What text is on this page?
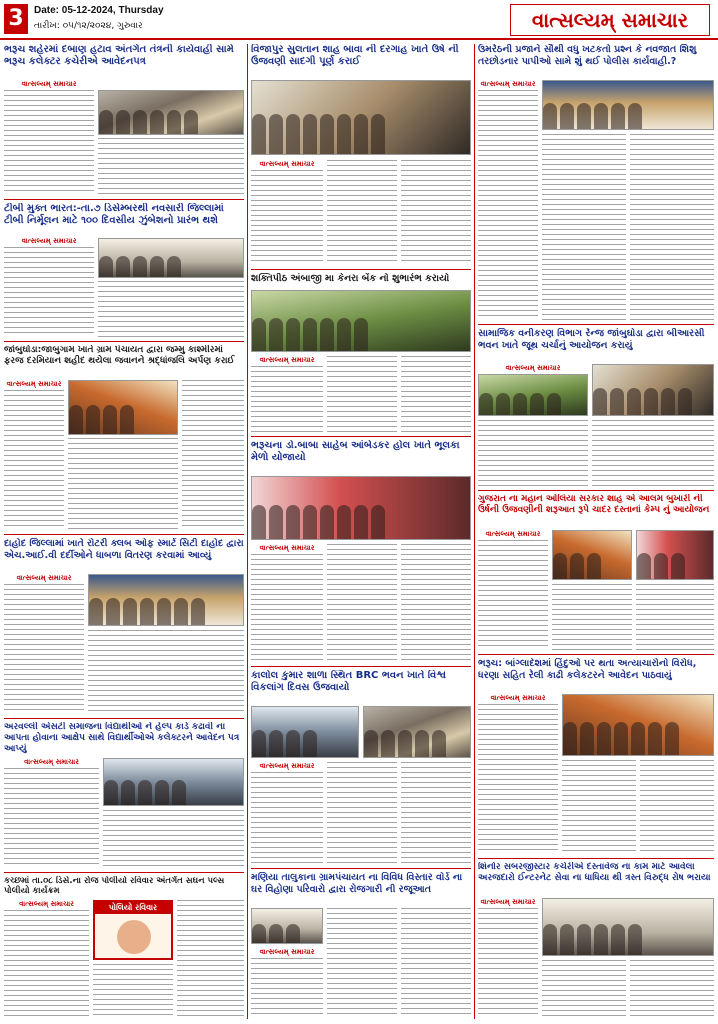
3	Date: 05-12-2024, Thursday
તારીખ: ૦૫/૧૨/૨૦૨૪, ગુરુવાર	વાત્સલ્યમ્ સમાચાર
ભરૂચ શહેરમાં દબાણ હટાવ અંતર્ગત તંત્રની કાર્યવાહી સામે ભરૂચ કલેક્ટર કચેરીએ આવેદનપત્ર
વાત્સલ્યમ્ સમાચાર
ટીબી મુક્ત ભારત:-તા.૭ ડિસેમ્બરથી નવસારી જિલ્લામાં ટીબી નિર્મૂલન માટે ૧૦૦ દિવસીય ઝુંબેશનો પ્રારંભ થશે
વાત્સલ્યમ્ સમાચાર
જાંબુઘોડા:જાબુગામ ખાતે ગ્રામ પંચાયત દ્વારા જમ્મુ કાશ્મીરમાં ફરજ દરમિયાન શહીદ થયેલા જવાનને શ્રદ્ધાંજલિ અર્પણ કરાઈ
વાત્સલ્યમ્ સમાચાર
દાહોદ જિલ્લામાં ખાતે રોટરી ક્લબ ઓફ સ્માર્ટ સિટી દાહોદ દ્વારા એચ.આઈ.વી દર્દીઓને ધાબળા વિતરણ કરવામાં આવ્યું
વાત્સલ્યમ્ સમાચાર
અરવલ્લી એસટી સમાજના વિદ્યાર્થીઓ ને હેલ્પ કાર્ડ કઢાવી ના આપતા હોવાના આક્ષેપ સાથે વિદ્યાર્થીઓએ કલેક્ટરને આવેદન પત્ર આપ્યું
વાત્સલ્યમ્ સમાચાર
કચ્છમાં તા.૦૮ ડિસે.ના રોજ પોલીયો રવિવાર અંતર્ગત સઘન પલ્સ પોલીયો કાર્યક્રમ
વાત્સલ્યમ્ સમાચાર	પોલિયો રવિવાર
વિજાપુર સુલતાન શાહ બાવા ની દરગાહ ખાતે ઉર્ષ ની ઉજવણી સાદગી પૂર્ણ કરાઈ
વાત્સલ્યમ્ સમાચાર
શક્તિપીઠ અંબાજી મા કેનરા બેંક નો શુભારંભ કરાયો
વાત્સલ્યમ્ સમાચાર
ભરૂચના ડો.બાબા સાહેબ આંબેડકર હોલ ખાતે ભૂલકા મેળો યોજાયો
વાત્સલ્યમ્ સમાચાર
કાલોલ કુમાર શાળા સ્થિત BRC ભવન ખાતે વિશ્વ વિકલાંગ દિવસ ઉજવાયો
વાત્સલ્યમ્ સમાચાર
મણિયા તાલુકાના ગ્રામપંચાયત ના વિવિધ વિસ્તાર વોર્ડ ના ઘર વિહોણા પરિવારો દ્વારા રોજગારી ની રજૂઆત
વાત્સલ્યમ્ સમાચાર
ઉમરેઠની પ્રજાને સૌથી વધુ ખટકતો પ્રશ્ન કે નવજાત શિશુ તરછોડનાર પાપીઓ સામે શું થઈ પોલીસ કાર્યવાહી.?
વાત્સલ્યમ્ સમાચાર
સામાજિક વનીકરણ વિભાગ રેન્જ જાંબુઘોડા દ્વારા બીઆરસી ભવન ખાતે જૂથ ચર્ચાનું આયોજન કરાયું
વાત્સલ્યમ્ સમાચાર
ગુજરાત ના મહાન ઓલિયા સરકાર શાહ એ આલમ બુખારી ની ઉર્ષની ઉજવણીની શરૂઆત રૂપે ચાદર દસ્તાનાં કેમ્પ નું આયોજન
વાત્સલ્યમ્ સમાચાર
ભરૂચ: બાંગ્લાદેશમાં હિંદુઓ પર થતા અત્યાચારોનો વિરોધ, ધરણા સહિત રેલી કાઢી કલેકટરને આવેદન પાઠવાયું
વાત્સલ્યમ્ સમાચાર
શિનોર સબરજીસ્ટાર કચેરીએ દસ્તાવેજ ના કામ માટે આવેલા અરજદારો ઈન્ટરનેટ સેવા ના ધાધિયા થી ત્રસ્ત વિરુદ્ધ રોષ ભરાયા
વાત્સલ્યમ્ સમાચાર
